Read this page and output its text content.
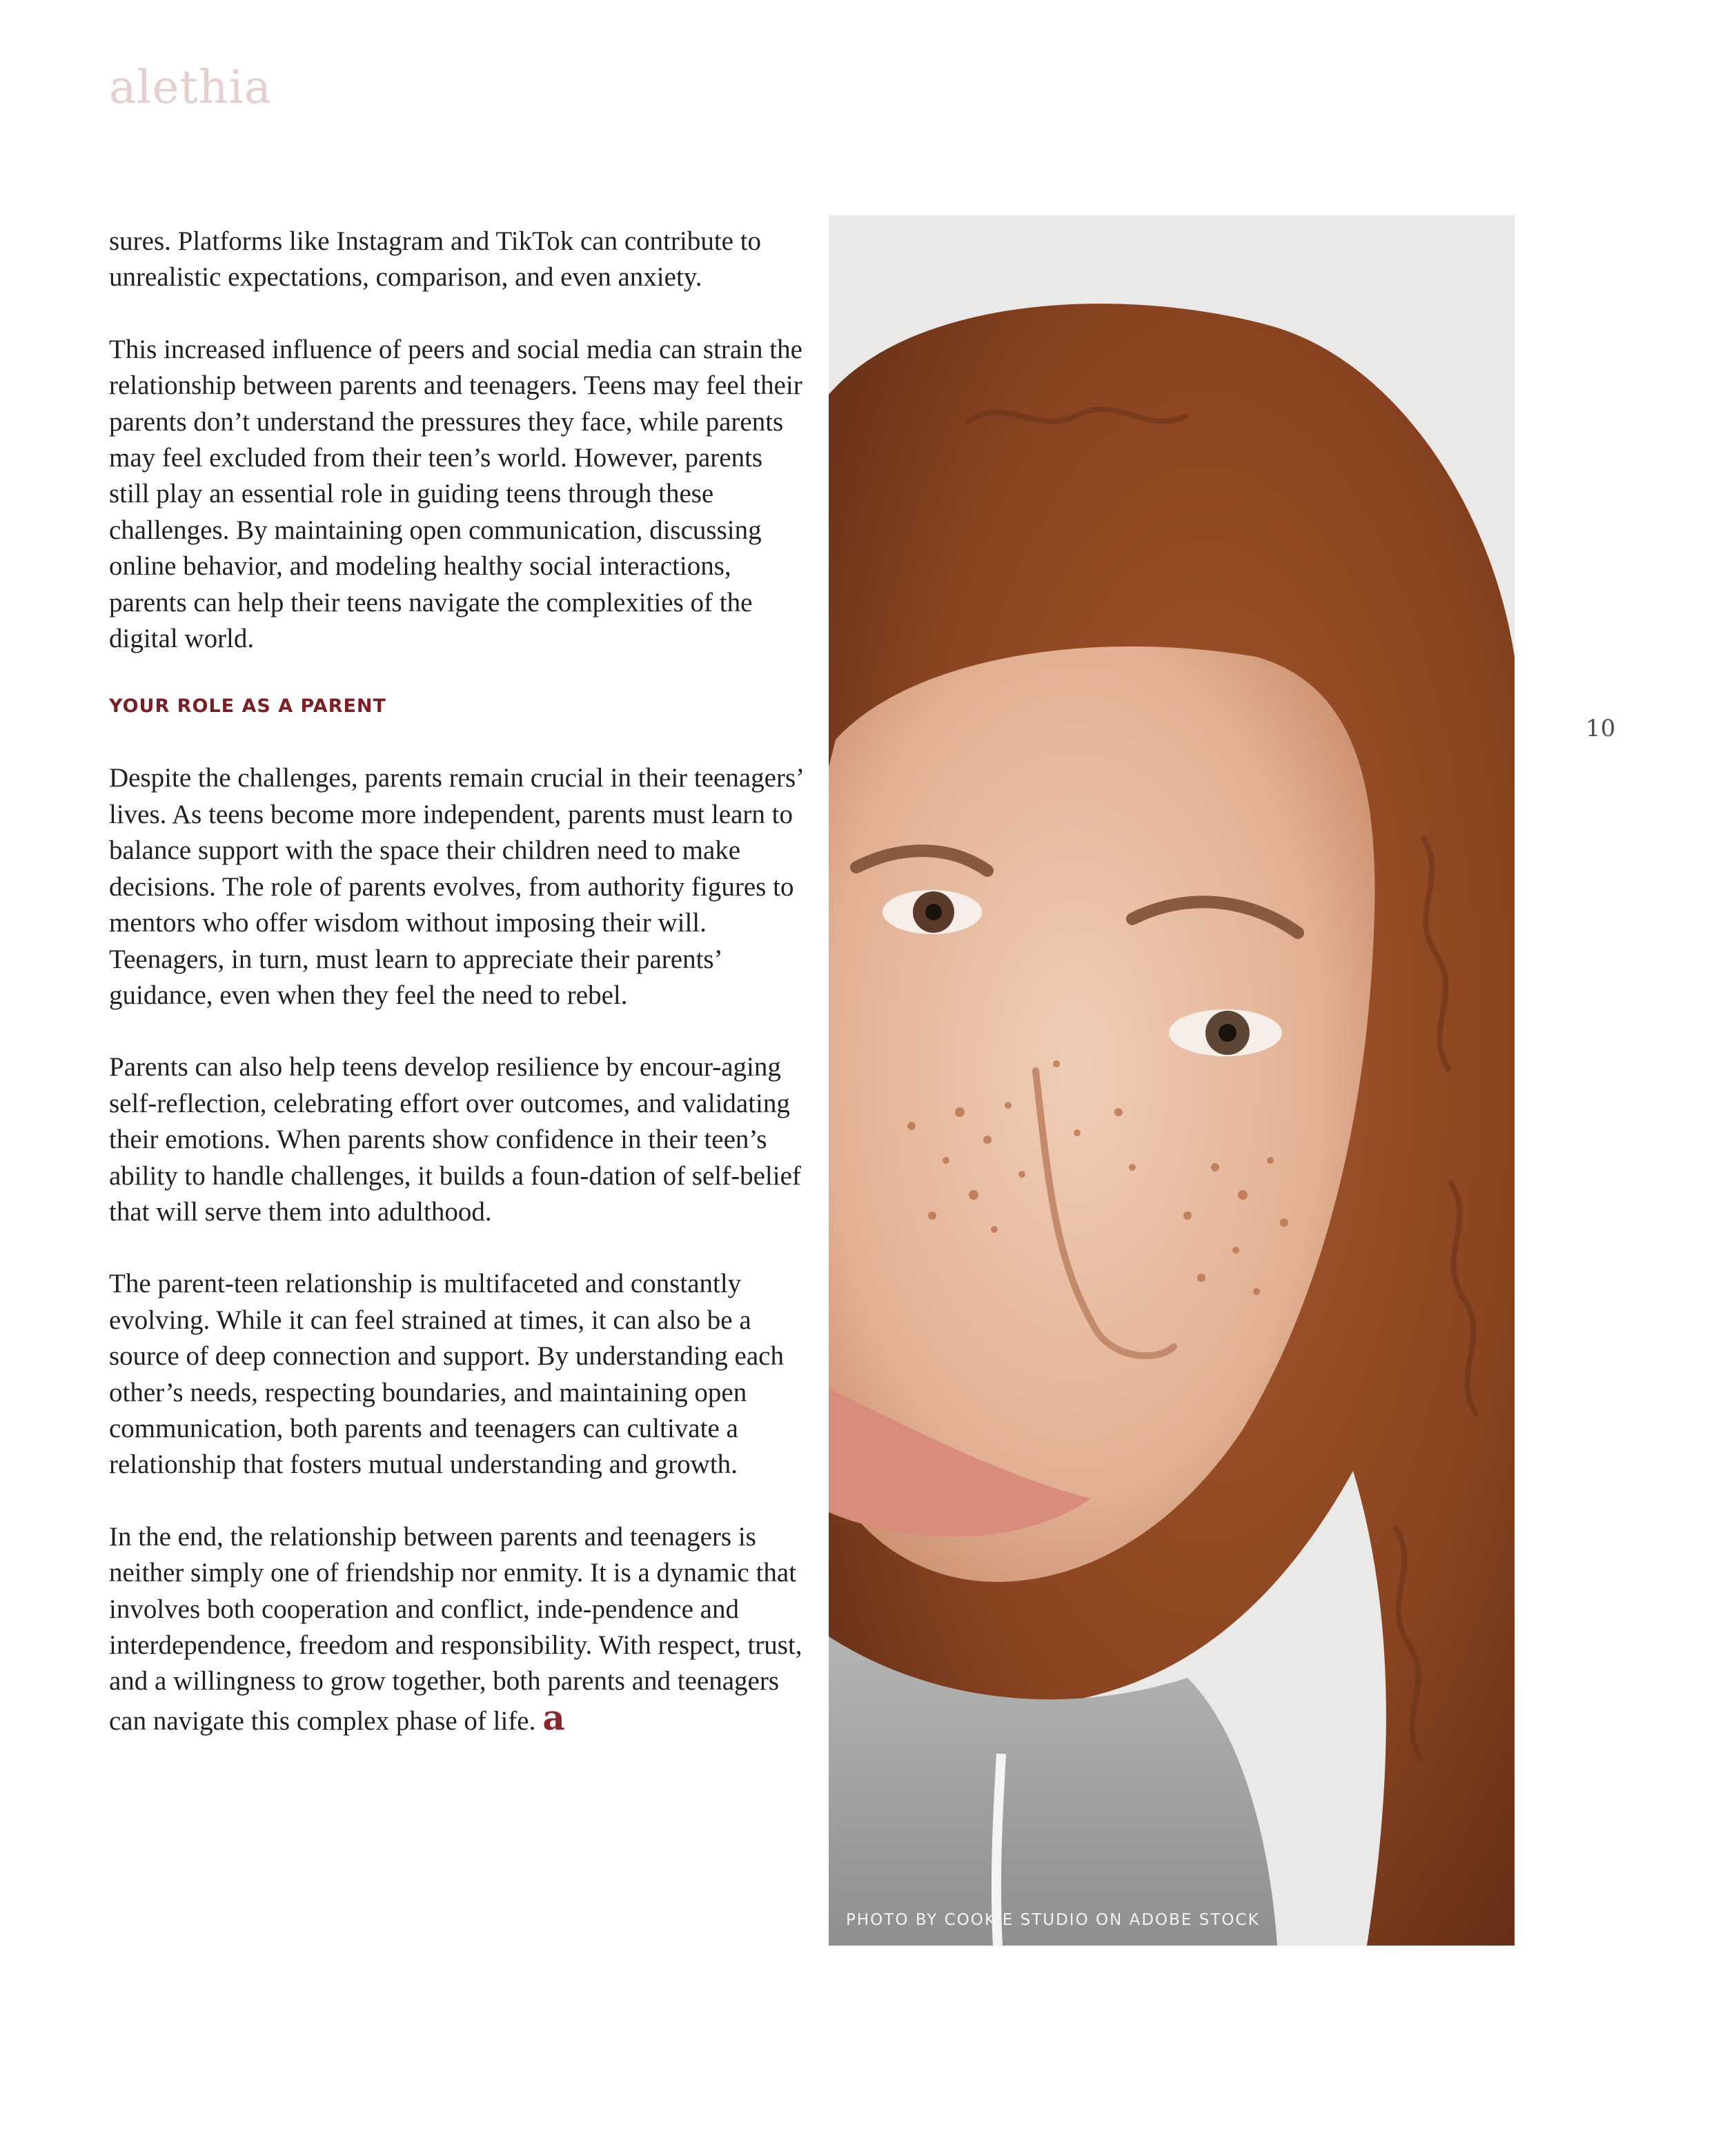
alethia
10

sures. Platforms like Instagram and TikTok can contribute to unrealistic expectations, comparison, and even anxiety.

This increased influence of peers and social media can strain the relationship between parents and teenagers. Teens may feel their parents don’t understand the pressures they face, while parents may feel excluded from their teen’s world. However, parents still play an essential role in guiding teens through these challenges. By maintaining open communication, discussing online behavior, and modeling healthy social interactions, parents can help their teens navigate the complexities of the digital world.

YOUR ROLE AS A PARENT

Despite the challenges, parents remain crucial in their teenagers’ lives. As teens become more independent, parents must learn to balance support with the space their children need to make decisions. The role of parents evolves, from authority figures to mentors who offer wisdom without imposing their will. Teenagers, in turn, must learn to appreciate their parents’ guidance, even when they feel the need to rebel.

Parents can also help teens develop resilience by encour-aging self-reflection, celebrating effort over outcomes, and validating their emotions. When parents show confidence in their teen’s ability to handle challenges, it builds a foun-dation of self-belief that will serve them into adulthood.

The parent-teen relationship is multifaceted and constantly evolving. While it can feel strained at times, it can also be a source of deep connection and support. By understanding each other’s needs, respecting boundaries, and maintaining open communication, both parents and teenagers can cultivate a relationship that fosters mutual understanding and growth.

In the end, the relationship between parents and teenagers is neither simply one of friendship nor enmity. It is a dynamic that involves both cooperation and conflict, inde-pendence and interdependence, freedom and responsibility. With respect, trust, and a willingness to grow together, both parents and teenagers can navigate this complex phase of life. a

PHOTO BY COOKIE STUDIO ON ADOBE STOCK
